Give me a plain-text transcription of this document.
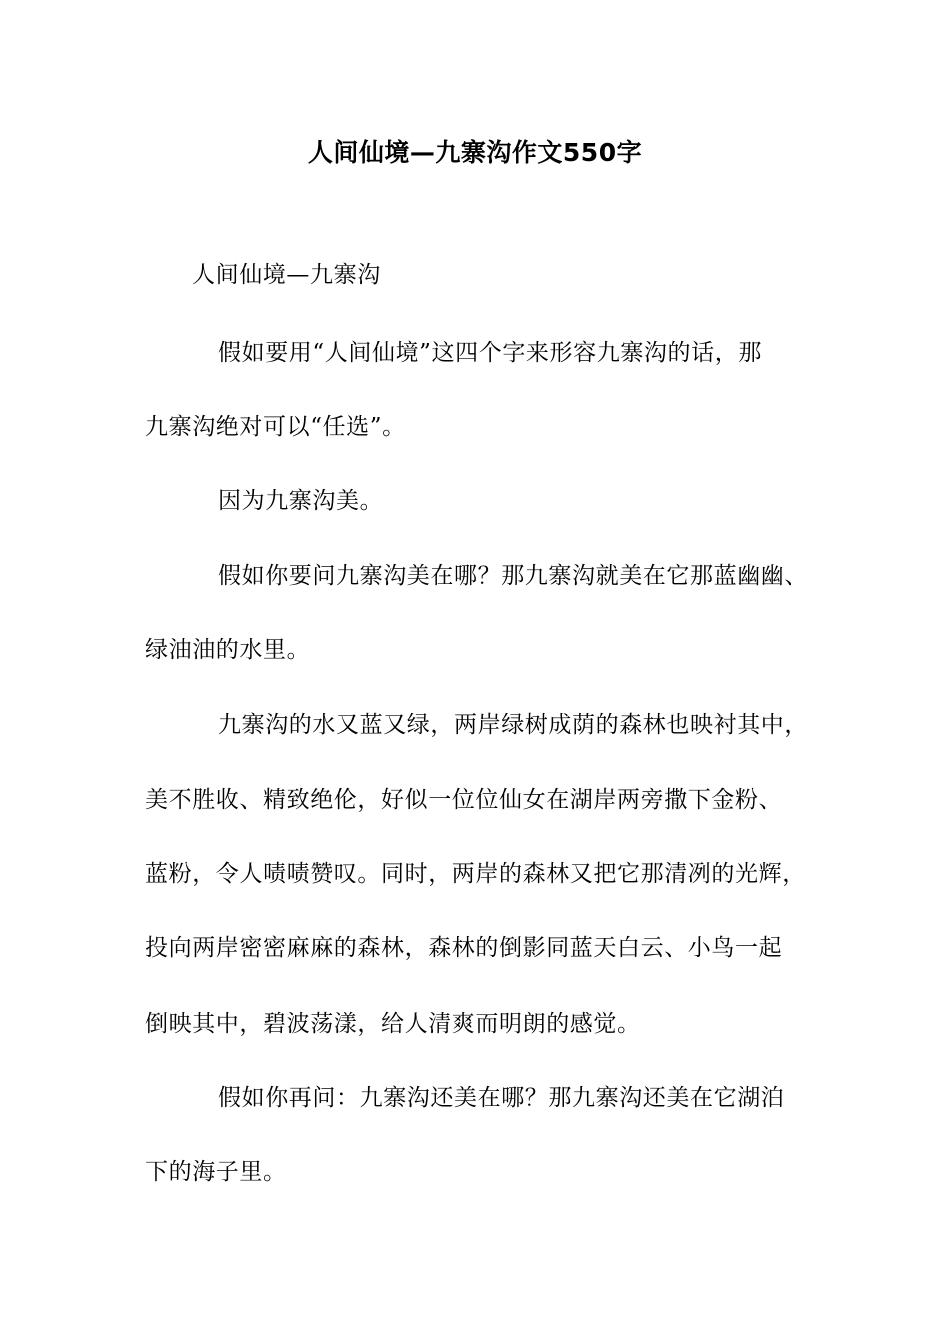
人间仙境—九寨沟作文550字
人间仙境—九寨沟
假如要用“人间仙境”这四个字来形容九寨沟的话，那
九寨沟绝对可以“任选”。
因为九寨沟美。
假如你要问九寨沟美在哪？那九寨沟就美在它那蓝幽幽、
绿油油的水里。
九寨沟的水又蓝又绿，两岸绿树成荫的森林也映衬其中，
美不胜收、精致绝伦，好似一位位仙女在湖岸两旁撒下金粉、
蓝粉，令人啧啧赞叹。同时，两岸的森林又把它那清冽的光辉，
投向两岸密密麻麻的森林，森林的倒影同蓝天白云、小鸟一起
倒映其中，碧波荡漾，给人清爽而明朗的感觉。
假如你再问：九寨沟还美在哪？那九寨沟还美在它湖泊
下的海子里。
